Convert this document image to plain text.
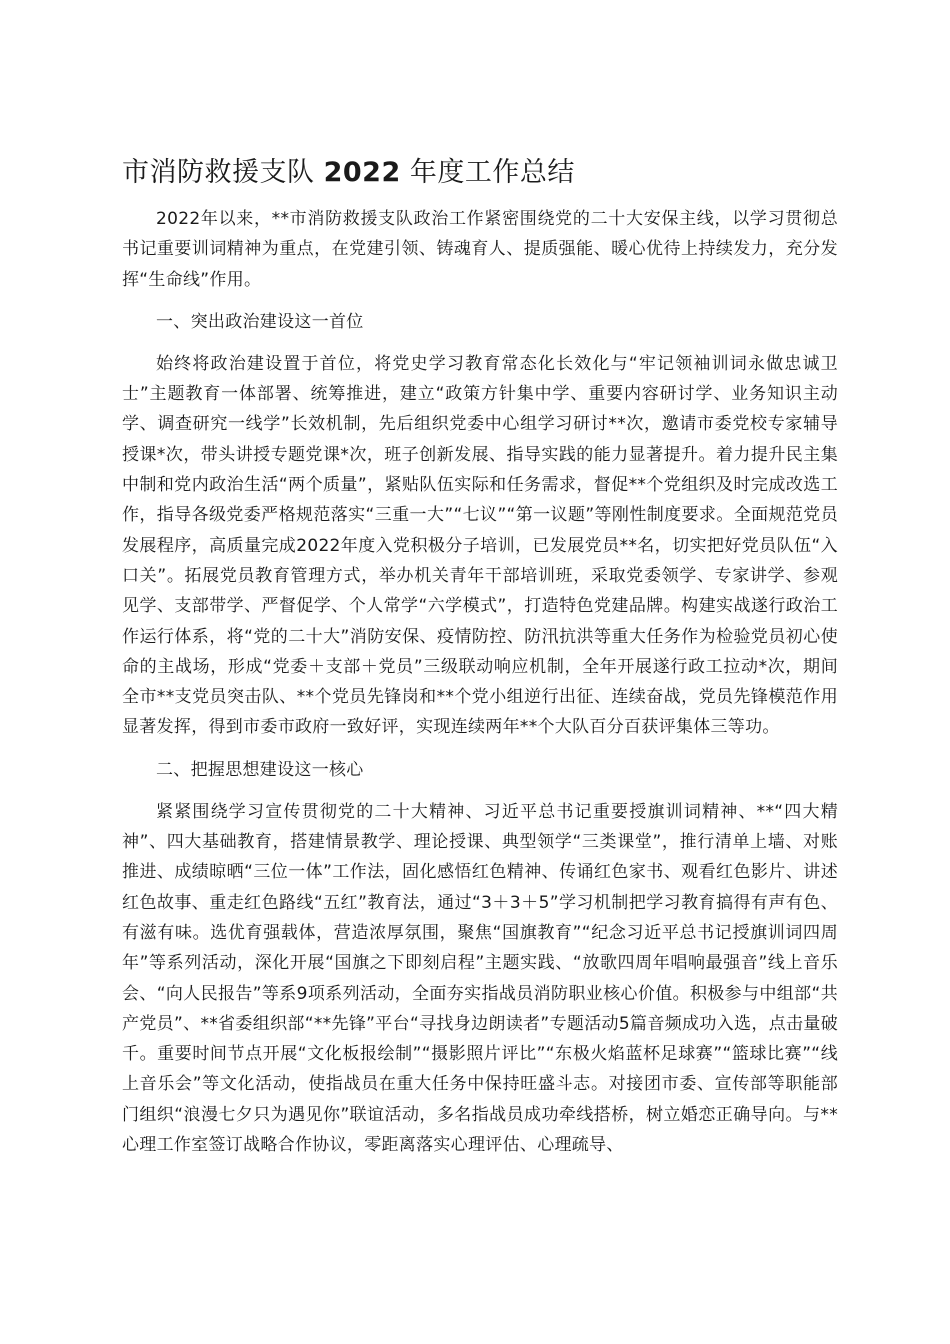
市消防救援支队 2022 年度工作总结

2022年以来，**市消防救援支队政治工作紧密围绕党的二十大安保主线，以学习贯彻总书记重要训词精神为重点，在党建引领、铸魂育人、提质强能、暖心优待上持续发力，充分发挥“生命线”作用。

一、突出政治建设这一首位

始终将政治建设置于首位，将党史学习教育常态化长效化与“牢记领袖训词永做忠诚卫士”主题教育一体部署、统筹推进，建立“政策方针集中学、重要内容研讨学、业务知识主动学、调查研究一线学”长效机制，先后组织党委中心组学习研讨**次，邀请市委党校专家辅导授课*次，带头讲授专题党课*次，班子创新发展、指导实践的能力显著提升。着力提升民主集中制和党内政治生活“两个质量”，紧贴队伍实际和任务需求，督促**个党组织及时完成改选工作，指导各级党委严格规范落实“三重一大”“七议”“第一议题”等刚性制度要求。全面规范党员发展程序，高质量完成2022年度入党积极分子培训，已发展党员**名，切实把好党员队伍“入口关”。拓展党员教育管理方式，举办机关青年干部培训班，采取党委领学、专家讲学、参观见学、支部带学、严督促学、个人常学“六学模式”，打造特色党建品牌。构建实战遂行政治工作运行体系，将“党的二十大”消防安保、疫情防控、防汛抗洪等重大任务作为检验党员初心使命的主战场，形成“党委＋支部＋党员”三级联动响应机制，全年开展遂行政工拉动*次，期间全市**支党员突击队、**个党员先锋岗和**个党小组逆行出征、连续奋战，党员先锋模范作用显著发挥，得到市委市政府一致好评，实现连续两年**个大队百分百获评集体三等功。

二、把握思想建设这一核心

紧紧围绕学习宣传贯彻党的二十大精神、习近平总书记重要授旗训词精神、**“四大精神”、四大基础教育，搭建情景教学、理论授课、典型领学“三类课堂”，推行清单上墙、对账推进、成绩晾晒“三位一体”工作法，固化感悟红色精神、传诵红色家书、观看红色影片、讲述红色故事、重走红色路线“五红”教育法，通过“3＋3＋5”学习机制把学习教育搞得有声有色、有滋有味。选优育强载体，营造浓厚氛围，聚焦“国旗教育”“纪念习近平总书记授旗训词四周年”等系列活动，深化开展“国旗之下即刻启程”主题实践、“放歌四周年唱响最强音”线上音乐会、“向人民报告”等系9项系列活动，全面夯实指战员消防职业核心价值。积极参与中组部“共产党员”、**省委组织部“**先锋”平台“寻找身边朗读者”专题活动5篇音频成功入选，点击量破千。重要时间节点开展“文化板报绘制”“摄影照片评比”“东极火焰蓝杯足球赛”“篮球比赛”“线上音乐会”等文化活动，使指战员在重大任务中保持旺盛斗志。对接团市委、宣传部等职能部门组织“浪漫七夕只为遇见你”联谊活动，多名指战员成功牵线搭桥，树立婚恋正确导向。与**心理工作室签订战略合作协议，零距离落实心理评估、心理疏导、
